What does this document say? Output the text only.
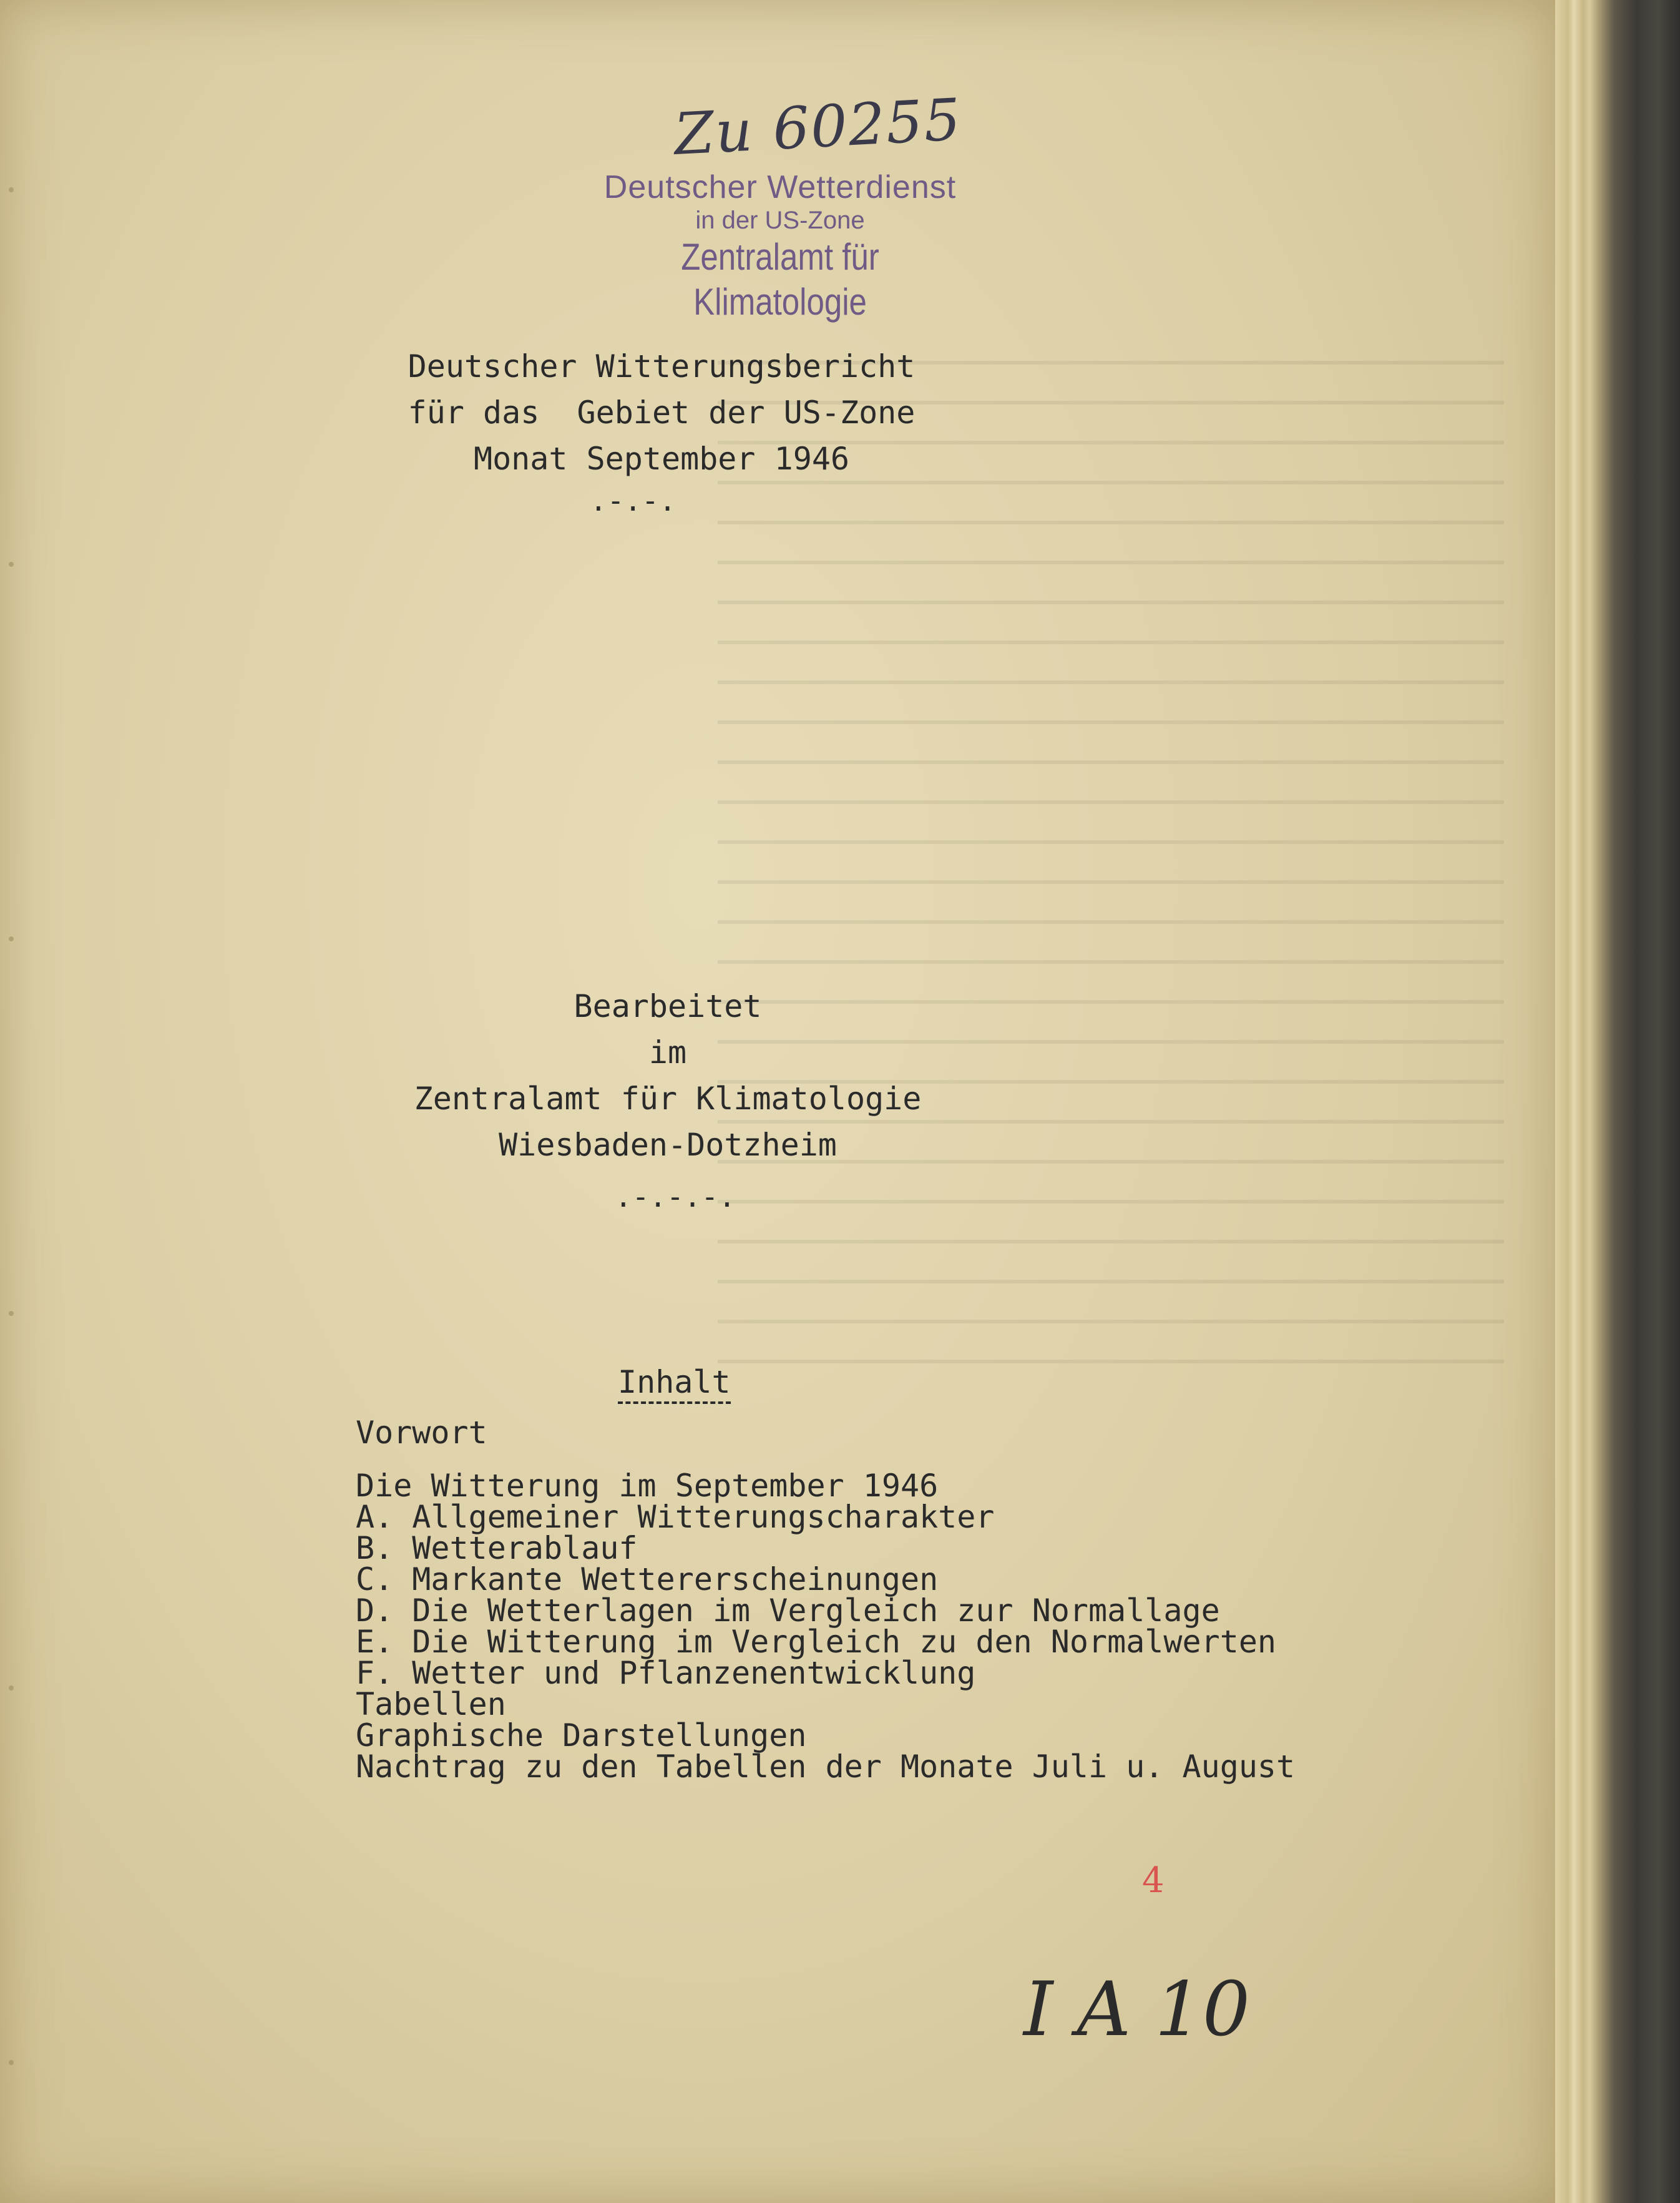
Zu 60255
Deutscher Wetterdienst
in der US-Zone
Zentralamt für Klimatologie
Deutscher Witterungsbericht
für das  Gebiet der US-Zone
Monat September 1946
.-.-.
Bearbeitet
im
Zentralamt für Klimatologie
Wiesbaden-Dotzheim
.-.-.-.
Inhalt
Vorwort
Die Witterung im September 1946
A. Allgemeiner Witterungscharakter
B. Wetterablauf
C. Markante Wettererscheinungen
D. Die Wetterlagen im Vergleich zur Normallage
E. Die Witterung im Vergleich zu den Normalwerten
F. Wetter und Pflanzenentwicklung
Tabellen
Graphische Darstellungen
Nachtrag zu den Tabellen der Monate Juli u. August
4
I A 10
